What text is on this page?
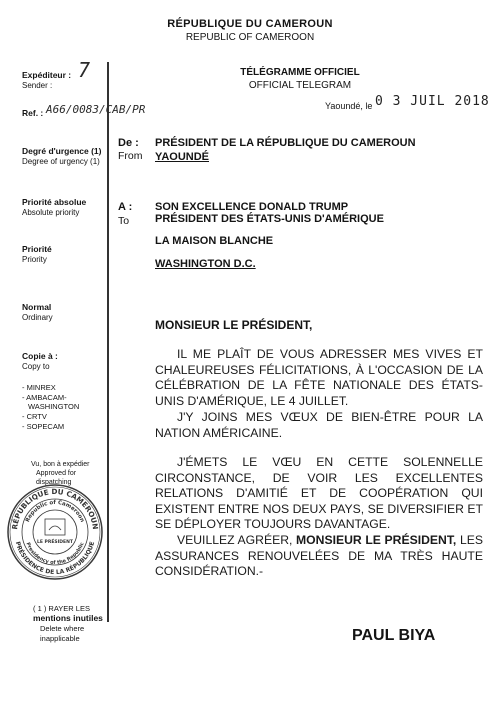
RÉPUBLIQUE DU CAMEROUN
REPUBLIC OF CAMEROON
TÉLÉGRAMME OFFICIEL
OFFICIAL TELEGRAM
Yaoundé, le 0 3 JUIL 2018
Expéditeur :
Sender :
7
Ref. : A66/0083/CAB/PR
Degré d'urgence (1)
Degree of urgency (1)
Priorité absolue
Absolute priority
Priorité
Priority
Normal
Ordinary
Copie à :
Copy to
- MINREX
- AMBACAM-
WASHINGTON
- CRTV
- SOPECAM
Vu, bon à expédier
Approved for
dispatching
RÉPUBLIQUE DU CAMEROUN
PRÉSIDENCE DE LA RÉPUBLIQUE
Republic of Cameroon
Presidency of the Republic
LE PRÉSIDENT
( 1 ) RAYER LES
mentions inutiles
Delete where
inapplicable
De :
From
PRÉSIDENT DE LA RÉPUBLIQUE DU CAMEROUN
YAOUNDÉ
A :
To
SON EXCELLENCE DONALD TRUMP
PRÉSIDENT DES ÉTATS-UNIS D'AMÉRIQUE
LA MAISON BLANCHE
WASHINGTON D.C.
MONSIEUR LE PRÉSIDENT,

IL ME PLAÎT DE VOUS ADRESSER MES VIVES ET CHALEUREUSES FÉLICITATIONS, À L'OCCASION DE LA CÉLÉBRATION DE LA FÊTE NATIONALE DES ÉTATS-UNIS D'AMÉRIQUE, LE 4 JUILLET.

J'Y JOINS MES VŒUX DE BIEN-ÊTRE POUR LA NATION AMÉRICAINE.

J'ÉMETS LE VŒU EN CETTE SOLENNELLE CIRCONSTANCE, DE VOIR LES EXCELLENTES RELATIONS D'AMITIÉ ET DE COOPÉRATION QUI EXISTENT ENTRE NOS DEUX PAYS, SE DIVERSIFIER ET SE DÉPLOYER TOUJOURS DAVANTAGE.

VEUILLEZ AGRÉER, MONSIEUR LE PRÉSIDENT, LES ASSURANCES RENOUVELÉES DE MA TRÈS HAUTE CONSIDÉRATION.-

PAUL BIYA
